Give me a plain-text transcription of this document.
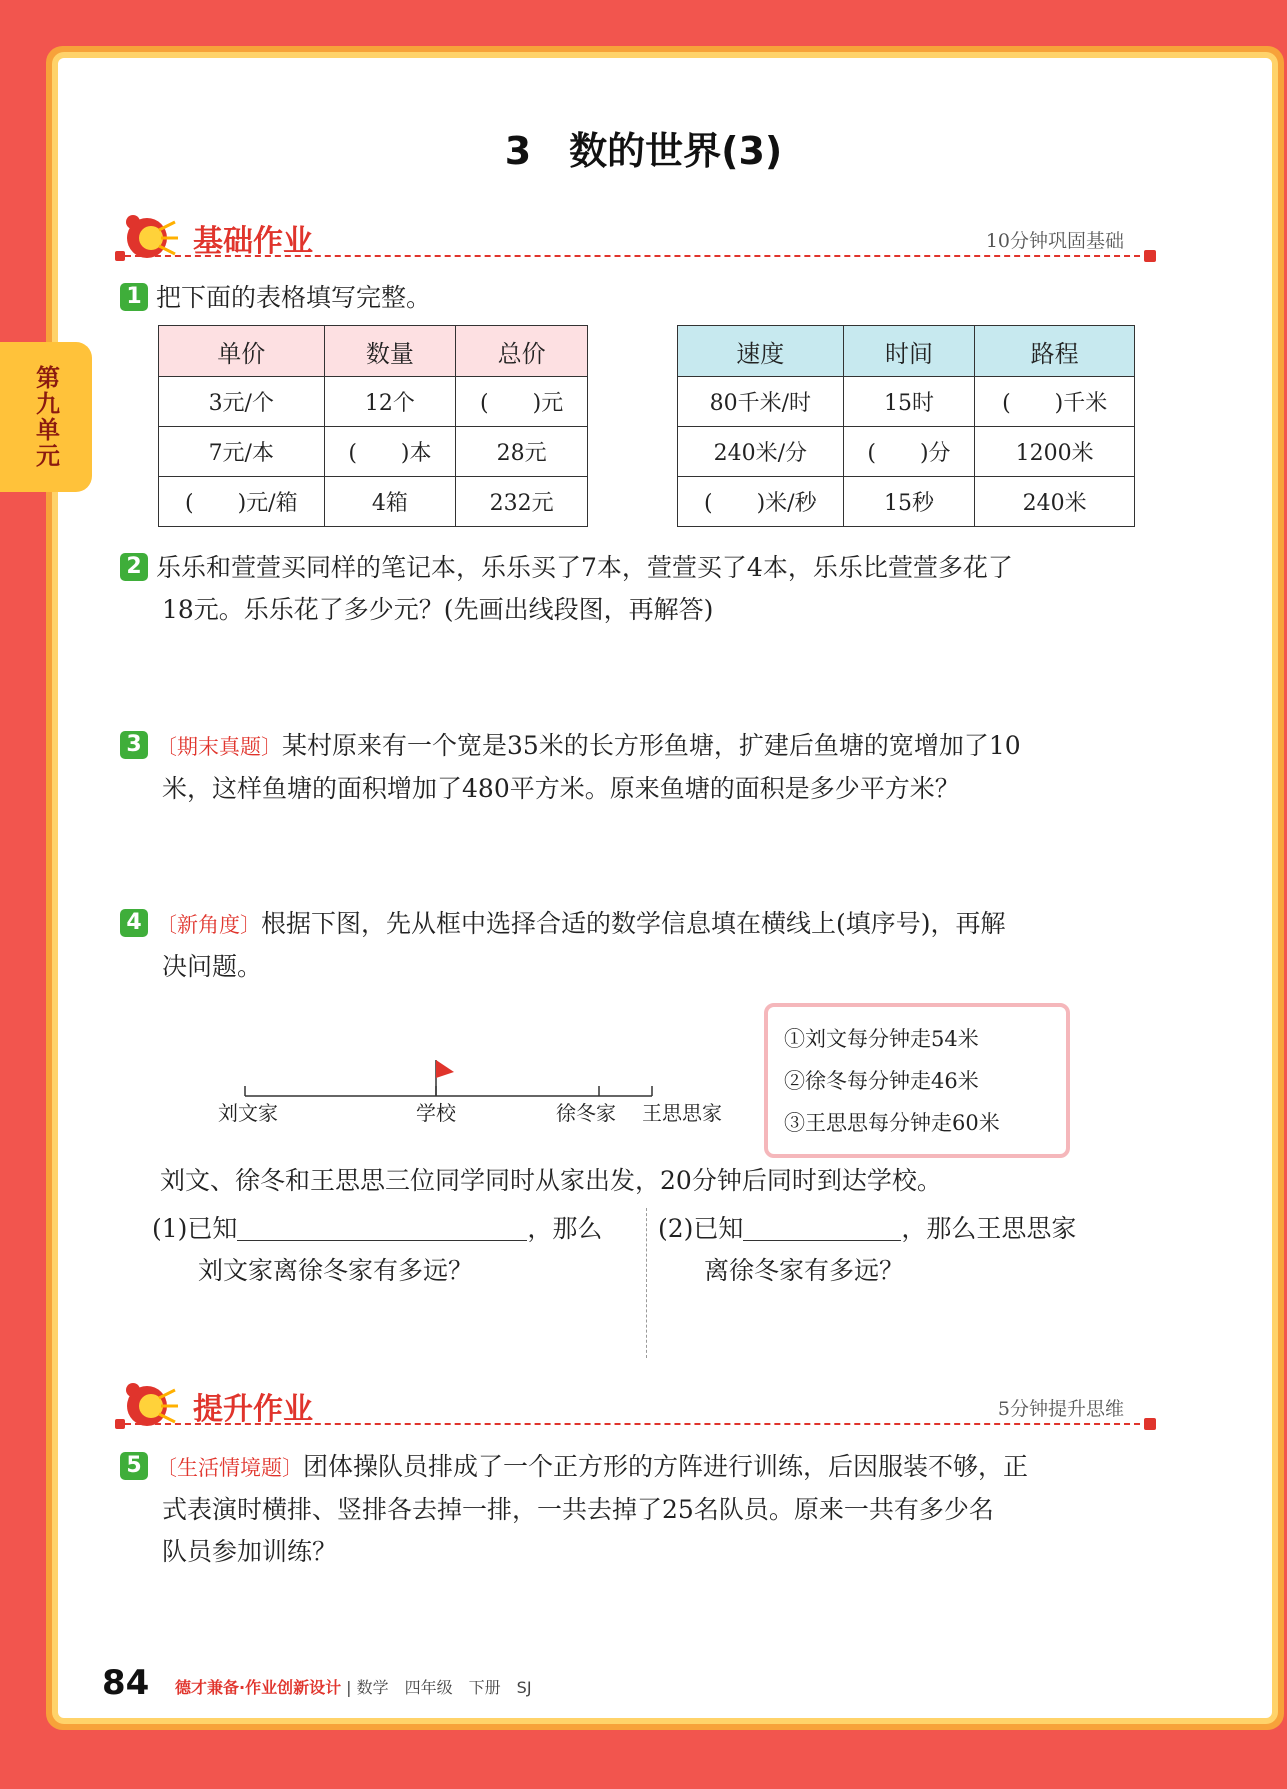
第九单元
3　数的世界(3)
基础作业	10分钟巩固基础
1 把下面的表格填写完整。
单价	数量	总价
3元/个	12个	(　　)元
7元/本	(　　)本	28元
(　　)元/箱	4箱	232元
速度	时间	路程
80千米/时	15时	(　　)千米
240米/分	(　　)分	1200米
(　　)米/秒	15秒	240米
2 乐乐和萱萱买同样的笔记本，乐乐买了7本，萱萱买了4本，乐乐比萱萱多花了
18元。乐乐花了多少元？(先画出线段图，再解答)
3 〔期末真题〕某村原来有一个宽是35米的长方形鱼塘，扩建后鱼塘的宽增加了10
米，这样鱼塘的面积增加了480平方米。原来鱼塘的面积是多少平方米？
4 〔新角度〕根据下图，先从框中选择合适的数学信息填在横线上(填序号)，再解
决问题。
刘文家	学校	徐冬家 王思思家
①刘文每分钟走54米
②徐冬每分钟走46米
③王思思每分钟走60米
刘文、徐冬和王思思三位同学同时从家出发，20分钟后同时到达学校。
(1)已知	，那么
刘文家离徐冬家有多远？
(2)已知	，那么王思思家
离徐冬家有多远？
提升作业	5分钟提升思维
5 〔生活情境题〕团体操队员排成了一个正方形的方阵进行训练，后因服装不够，正
式表演时横排、竖排各去掉一排，一共去掉了25名队员。原来一共有多少名
队员参加训练？
84 德才兼备·作业创新设计 | 数学　四年级　下册　SJ
